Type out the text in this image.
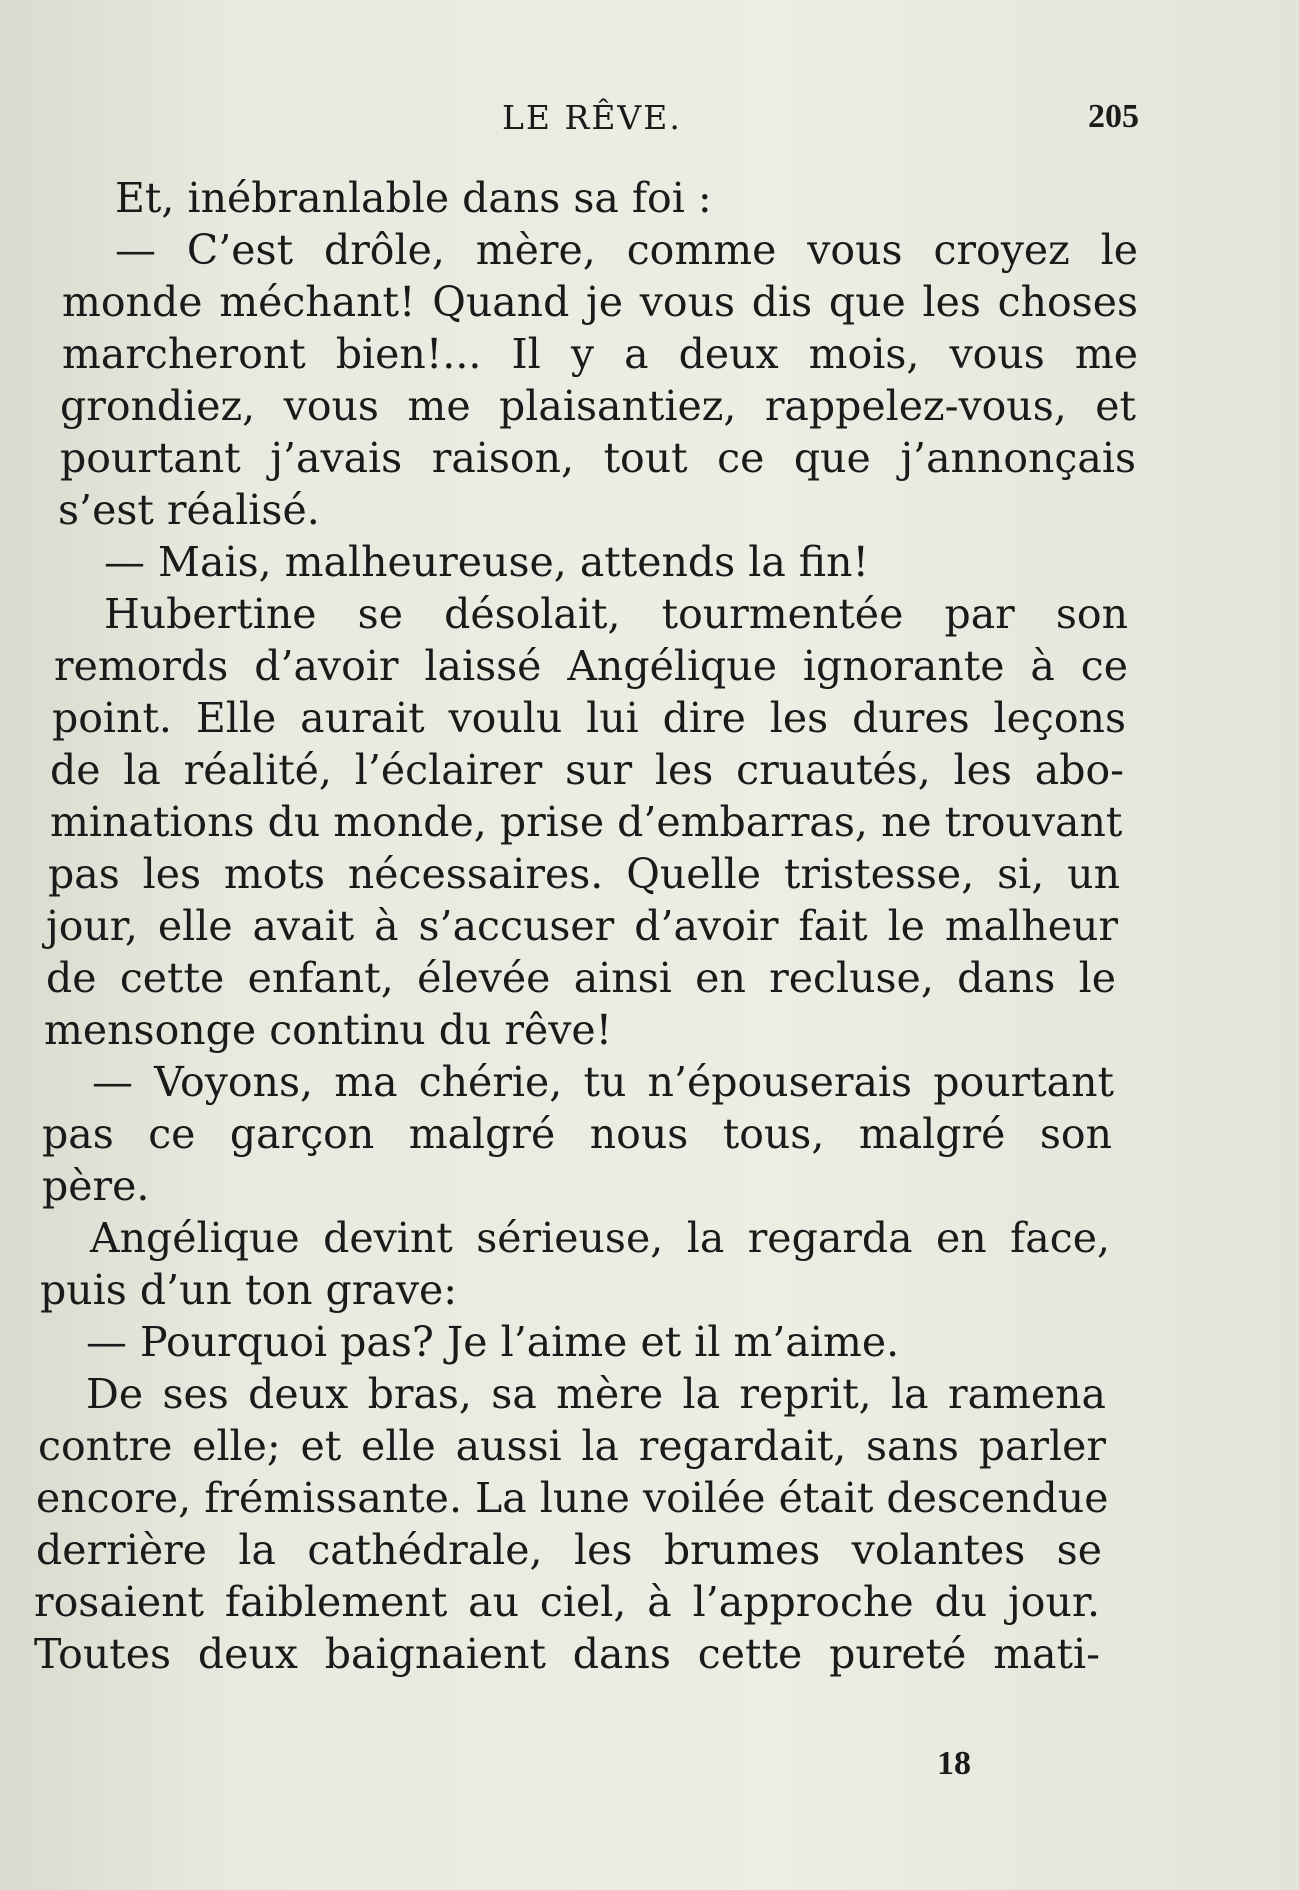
LE RÊVE.	205
Et, inébranlable dans sa foi :
— C’est drôle, mère, comme vous croyez le
monde méchant! Quand je vous dis que les choses
marcheront bien!... Il y a deux mois, vous me
grondiez, vous me plaisantiez, rappelez-vous, et
pourtant j’avais raison, tout ce que j’annonçais
s’est réalisé.
— Mais, malheureuse, attends la fin!
Hubertine se désolait, tourmentée par son
remords d’avoir laissé Angélique ignorante à ce
point. Elle aurait voulu lui dire les dures leçons
de la réalité, l’éclairer sur les cruautés, les abo-
minations du monde, prise d’embarras, ne trouvant
pas les mots nécessaires. Quelle tristesse, si, un
jour, elle avait à s’accuser d’avoir fait le malheur
de cette enfant, élevée ainsi en recluse, dans le
mensonge continu du rêve!
— Voyons, ma chérie, tu n’épouserais pourtant
pas ce garçon malgré nous tous, malgré son
père.
Angélique devint sérieuse, la regarda en face,
puis d’un ton grave:
— Pourquoi pas? Je l’aime et il m’aime.
De ses deux bras, sa mère la reprit, la ramena
contre elle; et elle aussi la regardait, sans parler
encore, frémissante. La lune voilée était descendue
derrière la cathédrale, les brumes volantes se
rosaient faiblement au ciel, à l’approche du jour.
Toutes deux baignaient dans cette pureté mati-
18
